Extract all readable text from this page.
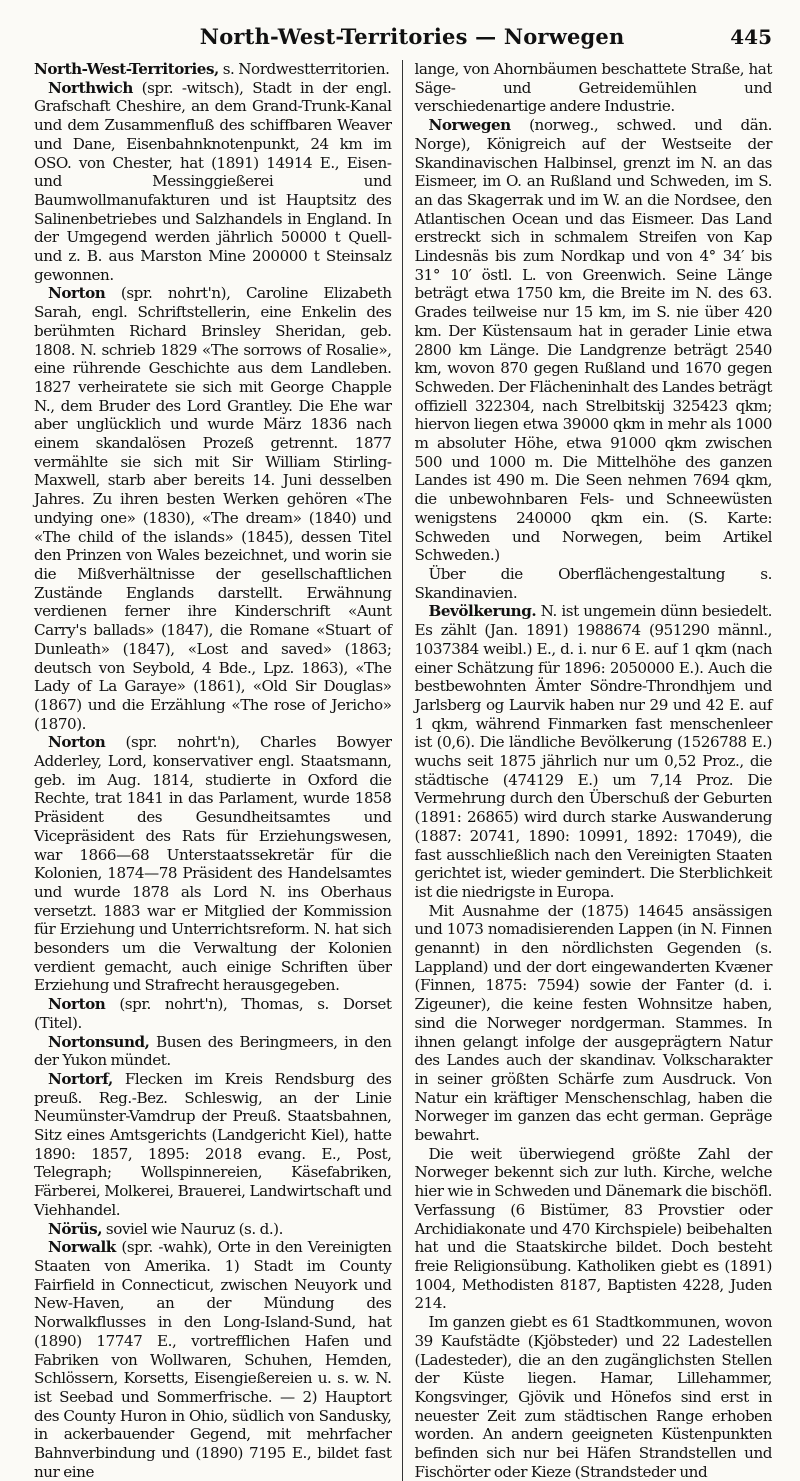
North-West-Territories — Norwegen	445

North-West-Territories, s. Nordwestterritorien.

Northwich (spr. -witsch), Stadt in der engl. Grafschaft Cheshire, an dem Grand-Trunk-Kanal und dem Zusammenfluß des schiffbaren Weaver und Dane, Eisenbahnknotenpunkt, 24 km im OSO. von Chester, hat (1891) 14914 E., Eisen- und Messinggießerei und Baumwollmanufakturen und ist Hauptsitz des Salinenbetriebes und Salzhandels in England. In der Umgegend werden jährlich 50000 t Quell- und z. B. aus Marston Mine 200000 t Steinsalz gewonnen.

Norton (spr. nohrt'n), Caroline Elizabeth Sarah, engl. Schriftstellerin, eine Enkelin des berühmten Richard Brinsley Sheridan, geb. 1808. N. schrieb 1829 «The sorrows of Rosalie», eine rührende Geschichte aus dem Landleben. 1827 verheiratete sie sich mit George Chapple N., dem Bruder des Lord Grantley. Die Ehe war aber unglücklich und wurde März 1836 nach einem skandalösen Prozeß getrennt. 1877 vermählte sie sich mit Sir William Stirling-Maxwell, starb aber bereits 14. Juni desselben Jahres. Zu ihren besten Werken gehören «The undying one» (1830), «The dream» (1840) und «The child of the islands» (1845), dessen Titel den Prinzen von Wales bezeichnet, und worin sie die Mißverhältnisse der gesellschaftlichen Zustände Englands darstellt. Erwähnung verdienen ferner ihre Kinderschrift «Aunt Carry's ballads» (1847), die Romane «Stuart of Dunleath» (1847), «Lost and saved» (1863; deutsch von Seybold, 4 Bde., Lpz. 1863), «The Lady of La Garaye» (1861), «Old Sir Douglas» (1867) und die Erzählung «The rose of Jericho» (1870).

Norton (spr. nohrt'n), Charles Bowyer Adderley, Lord, konservativer engl. Staatsmann, geb. im Aug. 1814, studierte in Oxford die Rechte, trat 1841 in das Parlament, wurde 1858 Präsident des Gesundheitsamtes und Vicepräsident des Rats für Erziehungswesen, war 1866—68 Unterstaatssekretär für die Kolonien, 1874—78 Präsident des Handelsamtes und wurde 1878 als Lord N. ins Oberhaus versetzt. 1883 war er Mitglied der Kommission für Erziehung und Unterrichtsreform. N. hat sich besonders um die Verwaltung der Kolonien verdient gemacht, auch einige Schriften über Erziehung und Strafrecht herausgegeben.

Norton (spr. nohrt'n), Thomas, s. Dorset (Titel).

Nortonsund, Busen des Beringmeers, in den der Yukon mündet.

Nortorf, Flecken im Kreis Rendsburg des preuß. Reg.-Bez. Schleswig, an der Linie Neumünster-Vamdrup der Preuß. Staatsbahnen, Sitz eines Amtsgerichts (Landgericht Kiel), hatte 1890: 1857, 1895: 2018 evang. E., Post, Telegraph; Wollspinnereien, Käsefabriken, Färberei, Molkerei, Brauerei, Landwirtschaft und Viehhandel.

Nörüs, soviel wie Nauruz (s. d.).

Norwalk (spr. -wahk), Orte in den Vereinigten Staaten von Amerika. 1) Stadt im County Fairfield in Connecticut, zwischen Neuyork und New-Haven, an der Mündung des Norwalkflusses in den Long-Island-Sund, hat (1890) 17747 E., vortrefflichen Hafen und Fabriken von Wollwaren, Schuhen, Hemden, Schlössern, Korsetts, Eisengießereien u. s. w. N. ist Seebad und Sommerfrische. — 2) Hauptort des County Huron in Ohio, südlich von Sandusky, in ackerbauender Gegend, mit mehrfacher Bahnverbindung und (1890) 7195 E., bildet fast nur eine

lange, von Ahornbäumen beschattete Straße, hat Säge- und Getreidemühlen und verschiedenartige andere Industrie.

Norwegen (norweg., schwed. und dän. Norge), Königreich auf der Westseite der Skandinavischen Halbinsel, grenzt im N. an das Eismeer, im O. an Rußland und Schweden, im S. an das Skagerrak und im W. an die Nordsee, den Atlantischen Ocean und das Eismeer. Das Land erstreckt sich in schmalem Streifen von Kap Lindesnäs bis zum Nordkap und von 4° 34′ bis 31° 10′ östl. L. von Greenwich. Seine Länge beträgt etwa 1750 km, die Breite im N. des 63. Grades teilweise nur 15 km, im S. nie über 420 km. Der Küstensaum hat in gerader Linie etwa 2800 km Länge. Die Landgrenze beträgt 2540 km, wovon 870 gegen Rußland und 1670 gegen Schweden. Der Flächeninhalt des Landes beträgt offiziell 322304, nach Strelbitskij 325423 qkm; hiervon liegen etwa 39000 qkm in mehr als 1000 m absoluter Höhe, etwa 91000 qkm zwischen 500 und 1000 m. Die Mittelhöhe des ganzen Landes ist 490 m. Die Seen nehmen 7694 qkm, die unbewohnbaren Fels- und Schneewüsten wenigstens 240000 qkm ein. (S. Karte: Schweden und Norwegen, beim Artikel Schweden.)

Über die Oberflächengestaltung s. Skandinavien.

Bevölkerung. N. ist ungemein dünn besiedelt. Es zählt (Jan. 1891) 1988674 (951290 männl., 1037384 weibl.) E., d. i. nur 6 E. auf 1 qkm (nach einer Schätzung für 1896: 2050000 E.). Auch die bestbewohnten Ämter Söndre-Throndhjem und Jarlsberg og Laurvik haben nur 29 und 42 E. auf 1 qkm, während Finmarken fast menschenleer ist (0,6). Die ländliche Bevölkerung (1526788 E.) wuchs seit 1875 jährlich nur um 0,52 Proz., die städtische (474129 E.) um 7,14 Proz. Die Vermehrung durch den Überschuß der Geburten (1891: 26865) wird durch starke Auswanderung (1887: 20741, 1890: 10991, 1892: 17049), die fast ausschließlich nach den Vereinigten Staaten gerichtet ist, wieder gemindert. Die Sterblichkeit ist die niedrigste in Europa.

Mit Ausnahme der (1875) 14645 ansässigen und 1073 nomadisierenden Lappen (in N. Finnen genannt) in den nördlichsten Gegenden (s. Lappland) und der dort eingewanderten Kvæner (Finnen, 1875: 7594) sowie der Fanter (d. i. Zigeuner), die keine festen Wohnsitze haben, sind die Norweger nordgerman. Stammes. In ihnen gelangt infolge der ausgeprägtern Natur des Landes auch der skandinav. Volkscharakter in seiner größten Schärfe zum Ausdruck. Von Natur ein kräftiger Menschenschlag, haben die Norweger im ganzen das echt german. Gepräge bewahrt.

Die weit überwiegend größte Zahl der Norweger bekennt sich zur luth. Kirche, welche hier wie in Schweden und Dänemark die bischöfl. Verfassung (6 Bistümer, 83 Provstier oder Archidiakonate und 470 Kirchspiele) beibehalten hat und die Staatskirche bildet. Doch besteht freie Religionsübung. Katholiken giebt es (1891) 1004, Methodisten 8187, Baptisten 4228, Juden 214.

Im ganzen giebt es 61 Stadtkommunen, wovon 39 Kaufstädte (Kjöbsteder) und 22 Ladestellen (Ladesteder), die an den zugänglichsten Stellen der Küste liegen. Hamar, Lillehammer, Kongsvinger, Gjövik und Hönefos sind erst in neuester Zeit zum städtischen Range erhoben worden. An andern geeigneten Küstenpunkten befinden sich nur bei Häfen Strandstellen und Fischörter oder Kieze (Strandsteder und
